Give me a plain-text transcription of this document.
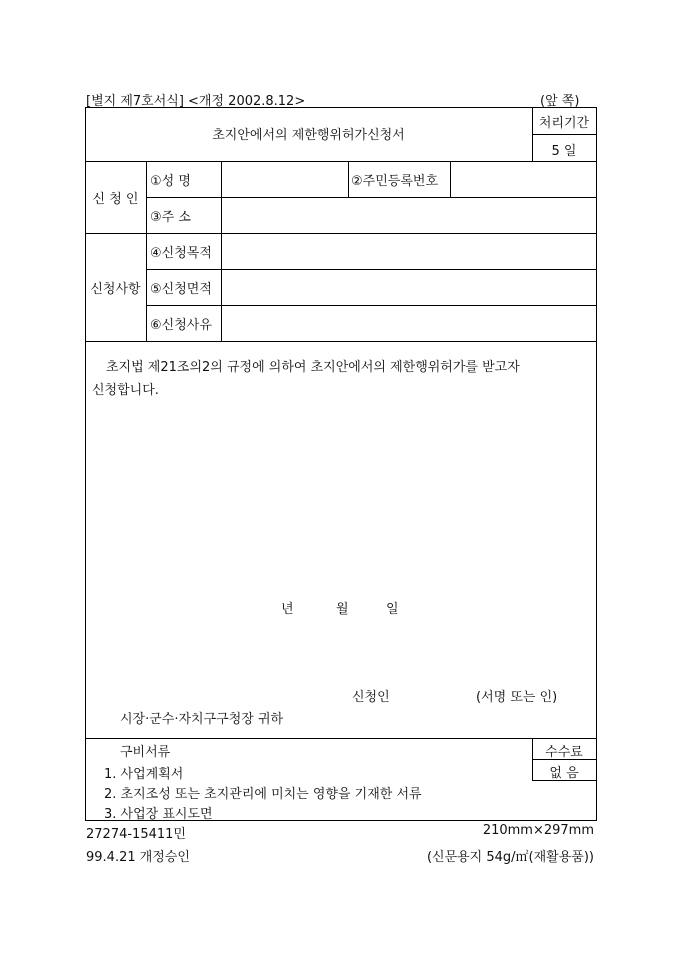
[별지 제7호서식] <개정 2002.8.12>	(앞 쪽)
초지안에서의 제한행위허가신청서
처리기간
5 일
신 청 인
①성 명	②주민등록번호
③주 소
신청사항
④신청목적
⑤신청면적
⑥신청사유
초지법 제21조의2의 규정에 의하여 초지안에서의 제한행위허가를 받고자
신청합니다.
년	월	일
신청인	(서명 또는 인)
시장·군수·자치구구청장 귀하
구비서류	수수료
없 음
1. 사업계획서
2. 초지조성 또는 초지관리에 미치는 영향을 기재한 서류
3. 사업장 표시도면
27274-15411민	210mm×297mm
99.4.21 개정승인	(신문용지 54g/㎡(재활용품))
